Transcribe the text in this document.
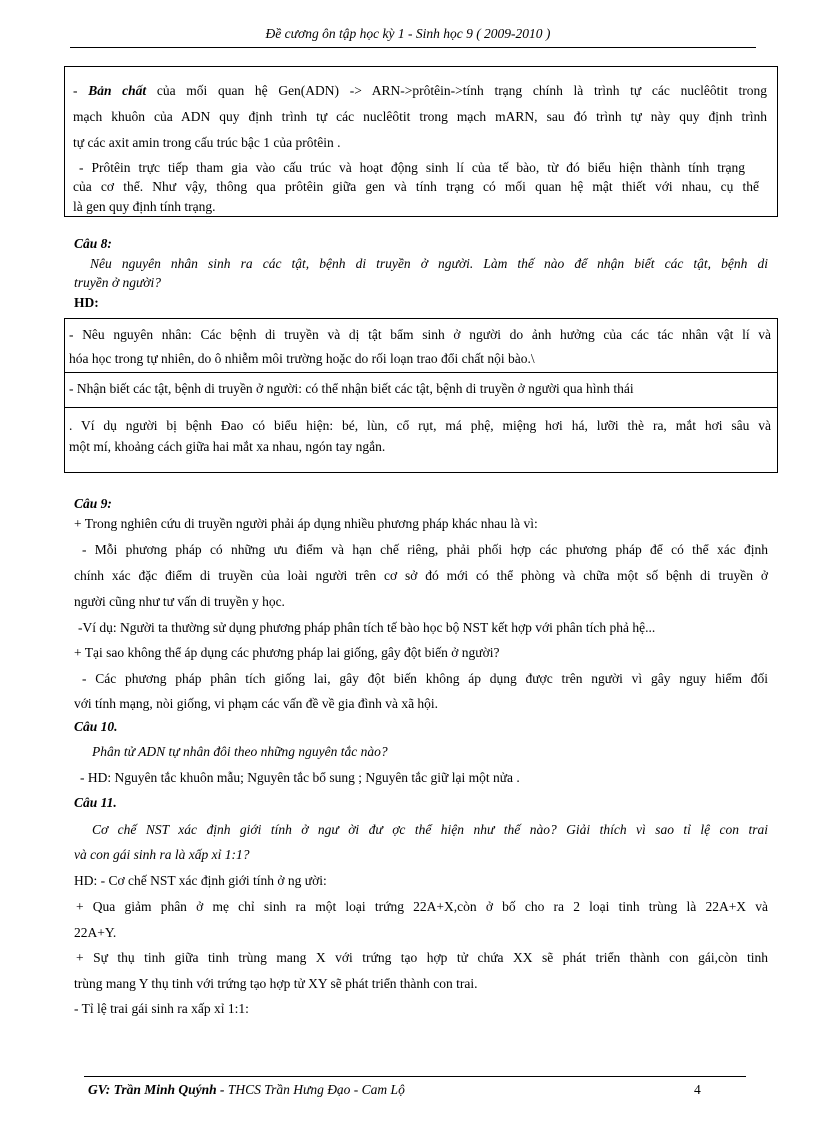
Đề cương ôn tập học kỳ 1 - Sinh học 9 ( 2009-2010 )
- Bản chất của mối quan hệ Gen(ADN) -> ARN->prôtêin->tính trạng chính là trình tự các nuclêôtit trong
mạch khuôn của ADN quy định trình tự các nuclêôtit trong mạch mARN, sau đó trình tự này quy định trình
tự các axit amin trong cấu trúc bậc 1 của prôtêin .
- Prôtêin trực tiếp tham gia vào cấu trúc và hoạt động sinh lí của tế bào, từ đó biểu hiện thành tính trạng
của cơ thể. Như vậy, thông qua prôtêin giữa gen và tính trạng có mối quan hệ mật thiết với nhau, cụ thể
là gen quy định tính trạng.
Câu 8:
Nêu nguyên nhân sinh ra các tật, bệnh di truyền ở người. Làm thế nào để nhận biết các tật, bệnh di
truyền ở người?
HD:
- Nêu nguyên nhân: Các bệnh di truyền và dị tật bẩm sinh ở người do ảnh hưởng của các tác nhân vật lí và
hóa học trong tự nhiên, do ô nhiễm môi trường hoặc do rối loạn trao đổi chất nội bào.\
- Nhận biết các tật, bệnh di truyền ở người: có thể nhận biết các tật, bệnh di truyền ở người qua hình thái
. Ví dụ người bị bệnh Đao có biểu hiện: bé, lùn, cổ rụt, má phệ, miệng hơi há, lưỡi thè ra, mắt hơi sâu và
một mí, khoảng cách giữa hai mắt xa nhau, ngón tay ngắn.
Câu 9:
+ Trong nghiên cứu di truyền người phải áp dụng nhiều phương pháp khác nhau là vì:
- Mỗi phương pháp có những ưu điểm và hạn chế riêng, phải phối hợp các phương pháp để có thể xác định
chính xác đặc điểm di truyền của loài người trên cơ sở đó mới có thể phòng và chữa một số bệnh di truyền ở
người cũng như tư vấn di truyền y học.
-Ví dụ: Người ta thường sử dụng phương pháp phân tích tế bào học bộ NST kết hợp với phân tích phả hệ...
+ Tại sao không thể áp dụng các phương pháp lai giống, gây đột biến ở người?
- Các phương pháp phân tích giống lai, gây đột biến không áp dụng được trên người vì gây nguy hiểm đối
với tính mạng, nòi giống, vi phạm các vấn đề về gia đình và xã hội.
Câu 10.
Phân tử ADN tự nhân đôi theo những nguyên tắc nào?
- HD: Nguyên tắc khuôn mẫu; Nguyên tắc bổ sung ; Nguyên tắc giữ lại một nửa .
Câu 11.
Cơ chế NST xác định giới tính ở ngư ời đư ợc thể hiện như thế nào? Giải thích vì sao tỉ lệ con trai
và con gái sinh ra là xấp xỉ 1:1?
HD: - Cơ chế NST xác định giới tính ở ng ười:
+ Qua giảm phân ở mẹ chỉ sinh ra một loại trứng 22A+X,còn ở bố cho ra 2 loại tinh trùng là 22A+X và
22A+Y.
+ Sự thụ tinh giữa tinh trùng mang X với trứng tạo hợp tử chứa XX sẽ phát triển thành con gái,còn tinh
trùng mang Y thụ tinh với trứng tạo hợp tử XY sẽ phát triển thành con trai.
- Tỉ lệ trai gái sinh ra xấp xỉ 1:1:
GV: Trần Minh Quýnh - THCS Trần Hưng Đạo - Cam Lộ	4
